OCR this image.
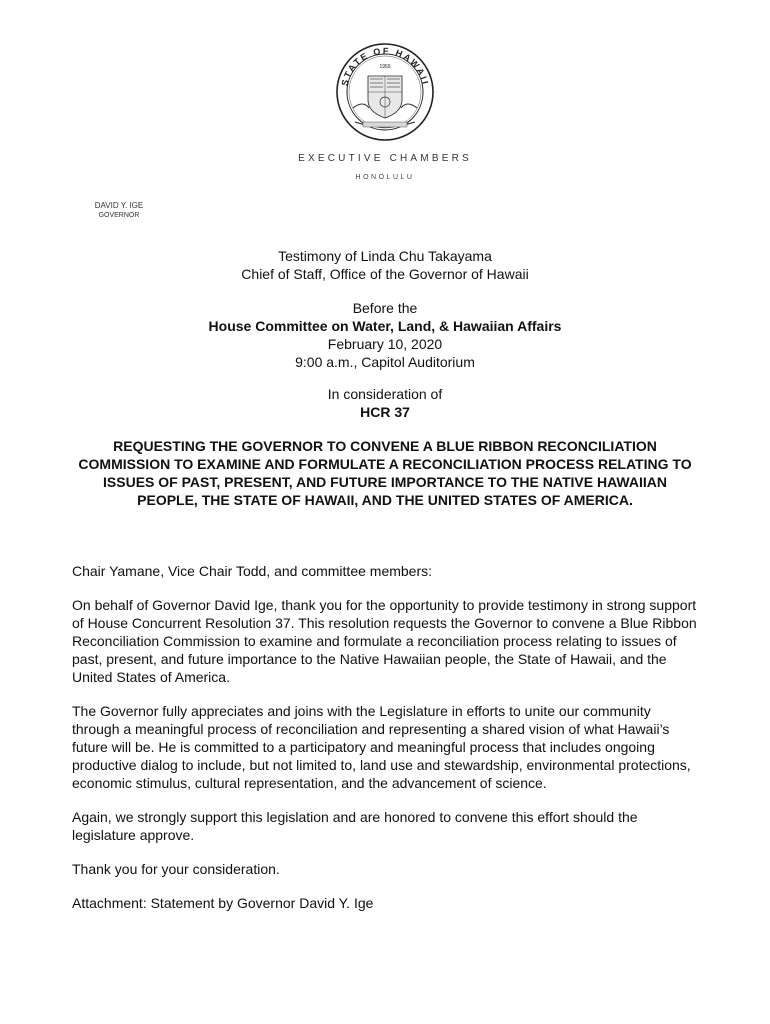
STATE OF HAWAII
1959
EXECUTIVE CHAMBERS
HONOLULU
DAVID Y. IGE
GOVERNOR
Testimony of Linda Chu Takayama
Chief of Staff, Office of the Governor of Hawaii
Before the
House Committee on Water, Land, & Hawaiian Affairs
February 10, 2020
9:00 a.m., Capitol Auditorium
In consideration of
HCR 37
REQUESTING THE GOVERNOR TO CONVENE A BLUE RIBBON RECONCILIATION COMMISSION TO EXAMINE AND FORMULATE A RECONCILIATION PROCESS RELATING TO ISSUES OF PAST, PRESENT, AND FUTURE IMPORTANCE TO THE NATIVE HAWAIIAN PEOPLE, THE STATE OF HAWAII, AND THE UNITED STATES OF AMERICA.

Chair Yamane, Vice Chair Todd, and committee members:

On behalf of Governor David Ige, thank you for the opportunity to provide testimony in strong support of House Concurrent Resolution 37. This resolution requests the Governor to convene a Blue Ribbon Reconciliation Commission to examine and formulate a reconciliation process relating to issues of past, present, and future importance to the Native Hawaiian people, the State of Hawaii, and the United States of America.

The Governor fully appreciates and joins with the Legislature in efforts to unite our community through a meaningful process of reconciliation and representing a shared vision of what Hawaii’s future will be. He is committed to a participatory and meaningful process that includes ongoing productive dialog to include, but not limited to, land use and stewardship, environmental protections, economic stimulus, cultural representation, and the advancement of science.

Again, we strongly support this legislation and are honored to convene this effort should the legislature approve.

Thank you for your consideration.

Attachment: Statement by Governor David Y. Ige
